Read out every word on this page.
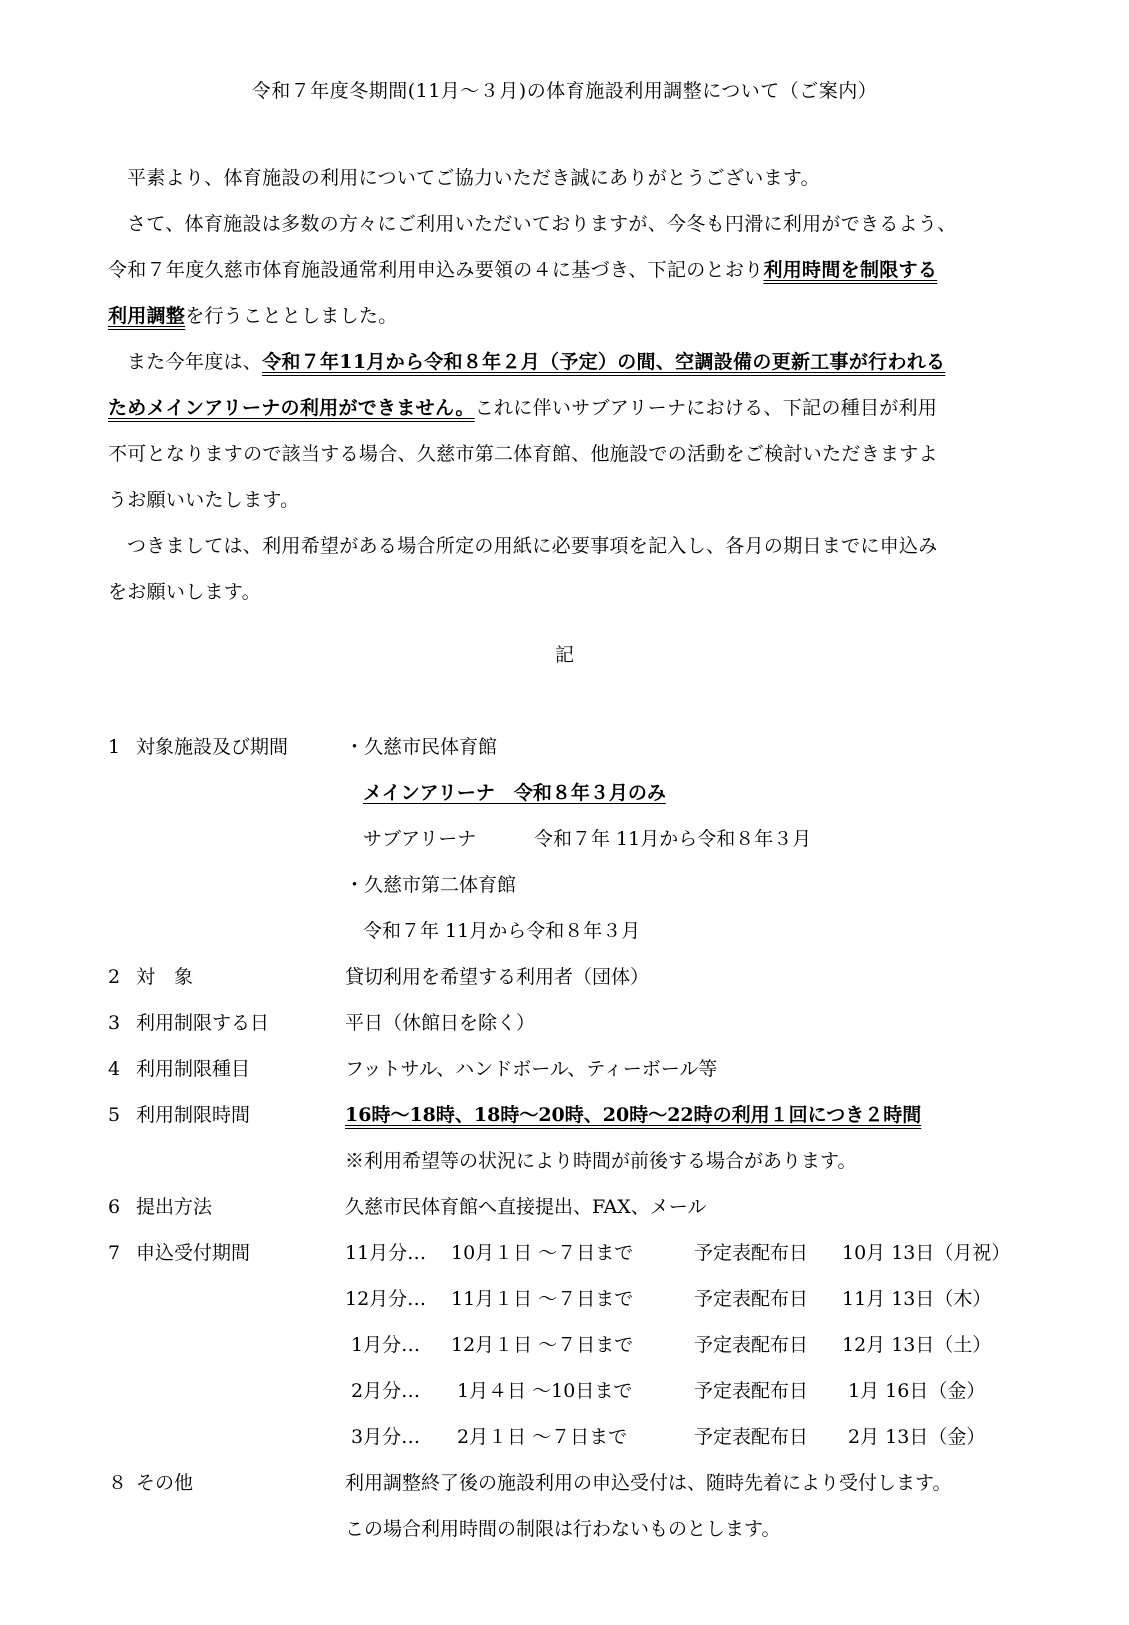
令和７年度冬期間(11月～３月)の体育施設利用調整について（ご案内）

平素より、体育施設の利用についてご協力いただき誠にありがとうございます。

さて、体育施設は多数の方々にご利用いただいておりますが、今冬も円滑に利用ができるよう、

令和７年度久慈市体育施設通常利用申込み要領の４に基づき、下記のとおり利用時間を制限する

利用調整を行うこととしました。

また今年度は、令和７年11月から令和８年２月（予定）の間、空調設備の更新工事が行われる

ためメインアリーナの利用ができません。これに伴いサブアリーナにおける、下記の種目が利用

不可となりますので該当する場合、久慈市第二体育館、他施設での活動をご検討いただきますよ

うお願いいたします。

つきましては、利用希望がある場合所定の用紙に必要事項を記入し、各月の期日までに申込み

をお願いします。

記
1 対象施設及び期間	・久慈市民体育館
メインアリーナ　令和８年３月のみ
サブアリーナ	令和７年 11月から令和８年３月
・久慈市第二体育館
令和７年 11月から令和８年３月
2 対　象	貸切利用を希望する利用者（団体）
3 利用制限する日	平日（休館日を除く）
4 利用制限種目	フットサル、ハンドボール、ティーボール等
5 利用制限時間	16時～18時、18時～20時、20時～22時の利用１回につき２時間
※利用希望等の状況により時間が前後する場合があります。
6 提出方法	久慈市民体育館へ直接提出、FAX、メール
7 申込受付期間	11月分… 10月１日 ～７日まで	予定表配布日 10月 13日（月祝）
12月分… 11月１日 ～７日まで	予定表配布日 11月 13日（木）
1月分… 12月１日 ～７日まで	予定表配布日 12月 13日（土）
2月分… 1月４日 ～10日まで	予定表配布日 1月 16日（金）
3月分… 2月１日 ～７日まで	予定表配布日 2月 13日（金）
８ その他	利用調整終了後の施設利用の申込受付は、随時先着により受付します。
この場合利用時間の制限は行わないものとします。
